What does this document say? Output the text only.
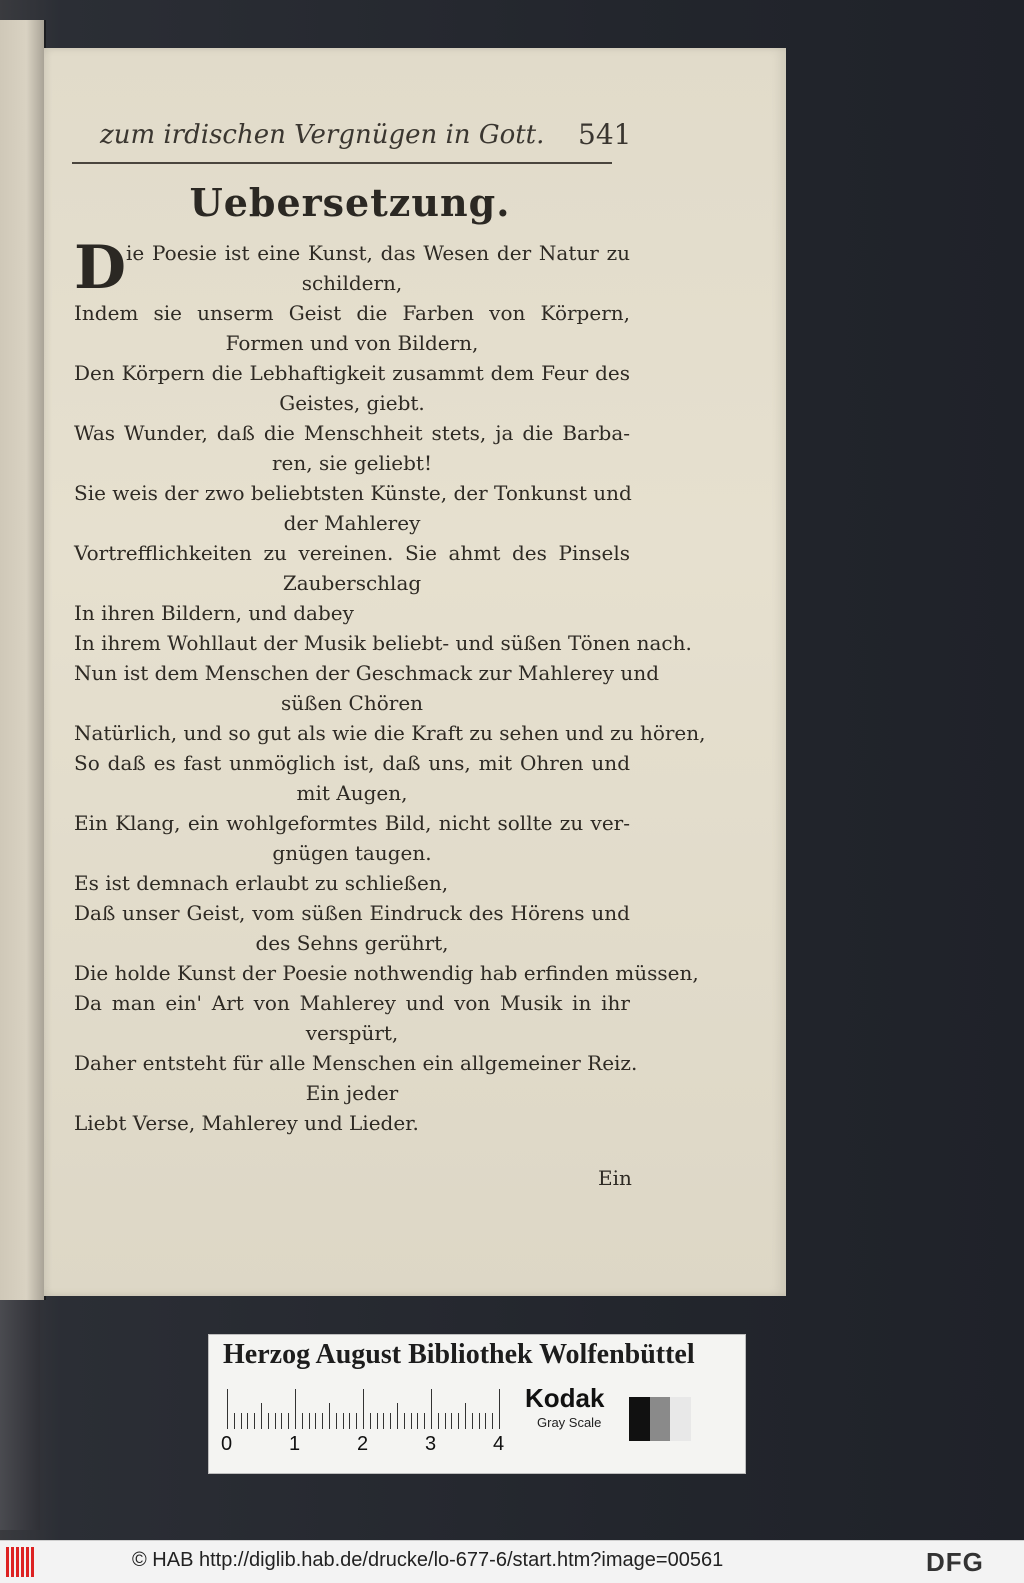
zum irdischen Vergnügen in Gott.	541
Uebersetzung.
D ie Poesie ist eine Kunst, das Wesen der Natur zu
schildern,
Indem sie unserm Geist die Farben von Körpern,
Formen und von Bildern,
Den Körpern die Lebhaftigkeit zusammt dem Feur des
Geistes, giebt.
Was Wunder, daß die Menschheit stets, ja die Barba-
ren, sie geliebt!
Sie weis der zwo beliebtsten Künste, der Tonkunst und
der Mahlerey
Vortrefflichkeiten zu vereinen. Sie ahmt des Pinsels
Zauberschlag
In ihren Bildern, und dabey
In ihrem Wohllaut der Musik beliebt- und süßen Tönen nach.
Nun ist dem Menschen der Geschmack zur Mahlerey und
süßen Chören
Natürlich, und so gut als wie die Kraft zu sehen und zu hören,
So daß es fast unmöglich ist, daß uns, mit Ohren und
mit Augen,
Ein Klang, ein wohlgeformtes Bild, nicht sollte zu ver-
gnügen taugen.
Es ist demnach erlaubt zu schließen,
Daß unser Geist, vom süßen Eindruck des Hörens und
des Sehns gerührt,
Die holde Kunst der Poesie nothwendig hab erfinden müssen,
Da man ein' Art von Mahlerey und von Musik in ihr
verspürt,
Daher entsteht für alle Menschen ein allgemeiner Reiz.
Ein jeder
Liebt Verse, Mahlerey und Lieder.
Ein
Herzog August Bibliothek Wolfenbüttel
0	1	2	3	4
Kodak
Gray Scale
© HAB http://diglib.hab.de/drucke/lo-677-6/start.htm?image=00561	DFG
